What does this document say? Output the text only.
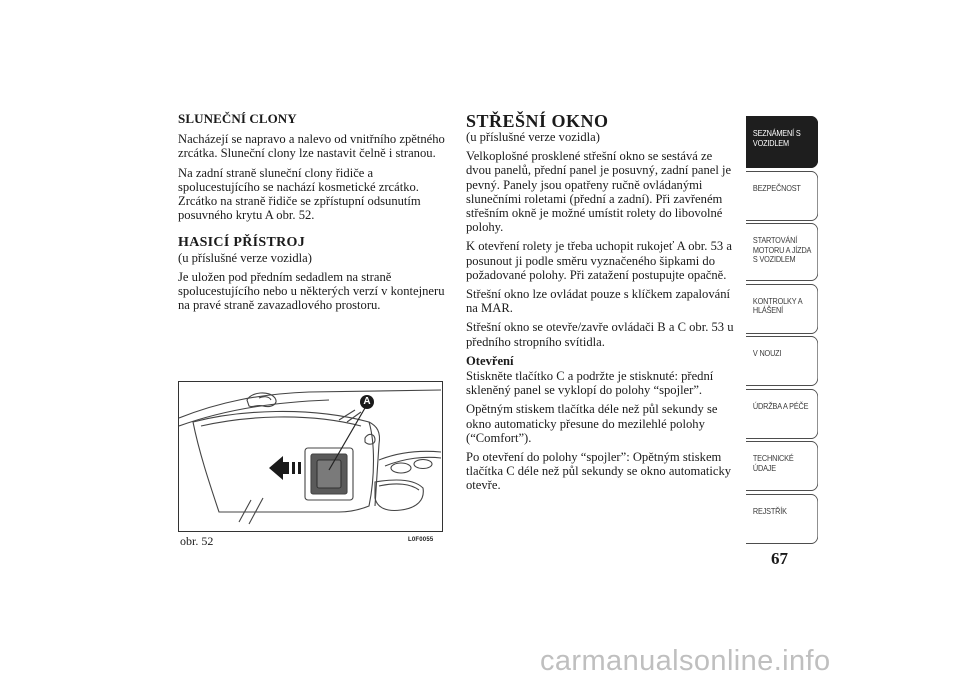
SLUNEČNÍ CLONY

Nacházejí se napravo a nalevo od vnitřního zpětného zrcátka. Sluneční clony lze nastavit čelně i stranou.

Na zadní straně sluneční clony řidiče a spolucestujícího se nachází kosmetické zrcátko. Zrcátko na straně řidiče se zpřístupní odsunutím posuvného krytu A obr. 52.

HASICÍ PŘÍSTROJ

(u příslušné verze vozidla)

Je uložen pod předním sedadlem na straně spolucestujícího nebo u některých verzí v kontejneru na pravé straně zavazadlového prostoru.

A
obr. 52	L0F0055
STŘEŠNÍ OKNO

(u příslušné verze vozidla)

Velkoplošné prosklené střešní okno se sestává ze dvou panelů, přední panel je posuvný, zadní panel je pevný. Panely jsou opatřeny ručně ovládanými slunečními roletami (přední a zadní). Při zavřeném střešním okně je možné umístit rolety do libovolné polohy.

K otevření rolety je třeba uchopit rukojeť A obr. 53 a posunout ji podle směru vyznačeného šipkami do požadované polohy. Při zatažení postupujte opačně.

Střešní okno lze ovládat pouze s klíčkem zapalování na MAR.

Střešní okno se otevře/zavře ovládači B a C obr. 53 u předního stropního svítidla.

Otevření

Stiskněte tlačítko C a podržte je stisknuté: přední skleněný panel se vyklopí do polohy “spojler”.

Opětným stiskem tlačítka déle než půl sekundy se okno automaticky přesune do mezilehlé polohy (“Comfort”).

Po otevření do polohy “spojler”: Opětným stiskem tlačítka C déle než půl sekundy se okno automaticky otevře.

SEZNÁMENÍ S VOZIDLEM
BEZPEČNOST
STARTOVÁNÍ MOTORU A JÍZDA S VOZIDLEM
KONTROLKY A HLÁŠENÍ
V NOUZI
ÚDRŽBA A PÉČE
TECHNICKÉ ÚDAJE
REJSTŘÍK
67
carmanualsonline.info
